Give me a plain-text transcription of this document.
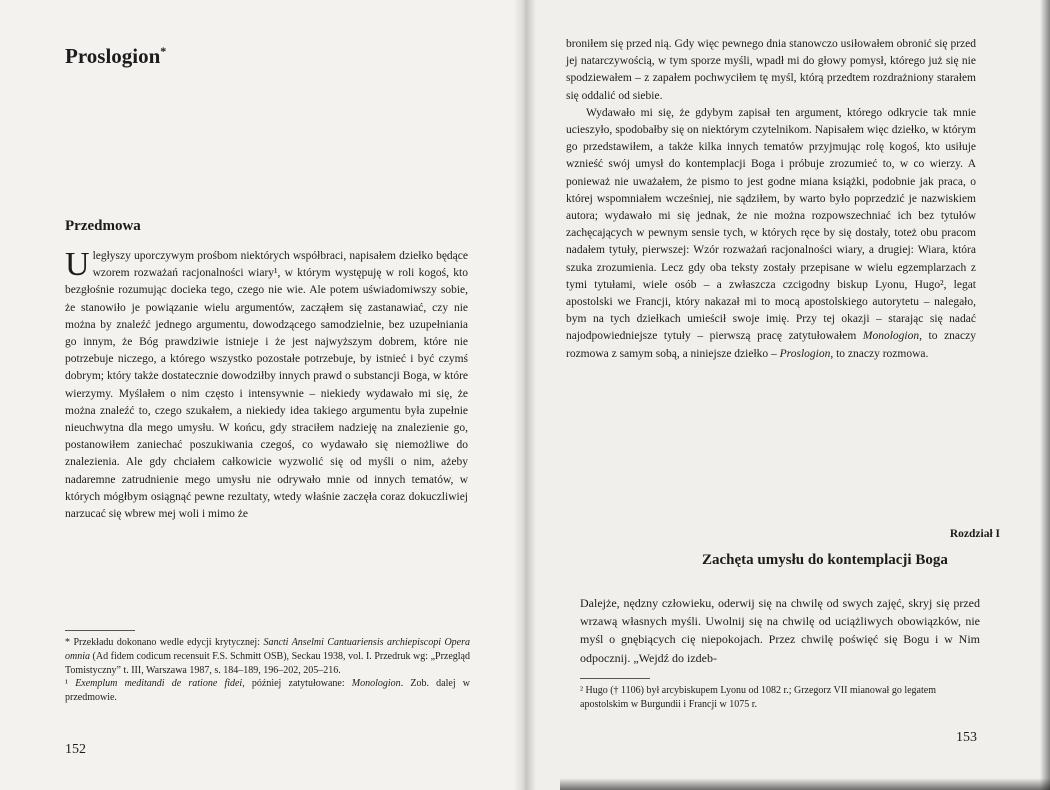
Proslogion*
Przedmowa

Uległyszy uporczywym prośbom niektórych współbraci, napisałem dziełko będące wzorem rozważań racjonalności wiary¹, w którym występuję w roli kogoś, kto bezgłośnie rozumując docieka tego, czego nie wie. Ale potem uświadomiwszy sobie, że stanowiło je powiązanie wielu argumentów, zacząłem się zastanawiać, czy nie można by znaleźć jednego argumentu, dowodzącego samodzielnie, bez uzupełniania go innym, że Bóg prawdziwie istnieje i że jest najwyższym dobrem, które nie potrzebuje niczego, a którego wszystko pozostałe potrzebuje, by istnieć i być czymś dobrym; który także dostatecznie dowodziłby innych prawd o substancji Boga, w które wierzymy. Myślałem o nim często i intensywnie – niekiedy wydawało mi się, że można znaleźć to, czego szukałem, a niekiedy idea takiego argumentu była zupełnie nieuchwytna dla mego umysłu. W końcu, gdy straciłem nadzieję na znalezienie go, postanowiłem zaniechać poszukiwania czegoś, co wydawało się niemożliwe do znalezienia. Ale gdy chciałem całkowicie wyzwolić się od myśli o nim, ażeby nadaremne zatrudnienie mego umysłu nie odrywało mnie od innych tematów, w których mógłbym osiągnąć pewne rezultaty, wtedy właśnie zaczęła coraz dokuczliwiej narzucać się wbrew mej woli i mimo że

* Przekładu dokonano wedle edycji krytycznej: Sancti Anselmi Cantuariensis archiepiscopi Opera omnia (Ad fidem codicum recensuit F.S. Schmitt OSB), Seckau 1938, vol. I. Przedruk wg: „Przegląd Tomistyczny” t. III, Warszawa 1987, s. 184–189, 196–202, 205–216.

¹ Exemplum meditandi de ratione fidei, później zatytułowane: Monologion. Zob. dalej w przedmowie.

152

broniłem się przed nią. Gdy więc pewnego dnia stanowczo usiłowałem obronić się przed jej natarczywością, w tym sporze myśli, wpadł mi do głowy pomysł, którego już się nie spodziewałem – z zapałem pochwyciłem tę myśl, którą przedtem rozdrażniony starałem się oddalić od siebie.

Wydawało mi się, że gdybym zapisał ten argument, którego odkrycie tak mnie ucieszyło, spodobałby się on niektórym czytelnikom. Napisałem więc dziełko, w którym go przedstawiłem, a także kilka innych tematów przyjmując rolę kogoś, kto usiłuje wznieść swój umysł do kontemplacji Boga i próbuje zrozumieć to, w co wierzy. A ponieważ nie uważałem, że pismo to jest godne miana książki, podobnie jak praca, o której wspomniałem wcześniej, nie sądziłem, by warto było poprzedzić je nazwiskiem autora; wydawało mi się jednak, że nie można rozpowszechniać ich bez tytułów zachęcających w pewnym sensie tych, w których ręce by się dostały, toteż obu pracom nadałem tytuły, pierwszej: Wzór rozważań racjonalności wiary, a drugiej: Wiara, która szuka zrozumienia. Lecz gdy oba teksty zostały przepisane w wielu egzemplarzach z tymi tytułami, wiele osób – a zwłaszcza czcigodny biskup Lyonu, Hugo², legat apostolski we Francji, który nakazał mi to mocą apostolskiego autorytetu – nalegało, bym na tych dziełkach umieścił swoje imię. Przy tej okazji – starając się nadać najodpowiedniejsze tytuły – pierwszą pracę zatytułowałem Monologion, to znaczy rozmowa z samym sobą, a niniejsze dziełko – Proslogion, to znaczy rozmowa.

Rozdział I

Zachęta umysłu do kontemplacji Boga

Dalejże, nędzny człowieku, oderwij się na chwilę od swych zajęć, skryj się przed wrzawą własnych myśli. Uwolnij się na chwilę od uciążliwych obowiązków, nie myśl o gnębiących cię niepokojach. Przez chwilę poświęć się Bogu i w Nim odpocznij. „Wejdź do izdeb-

² Hugo († 1106) był arcybiskupem Lyonu od 1082 r.; Grzegorz VII mianował go legatem apostolskim w Burgundii i Francji w 1075 r.

153
